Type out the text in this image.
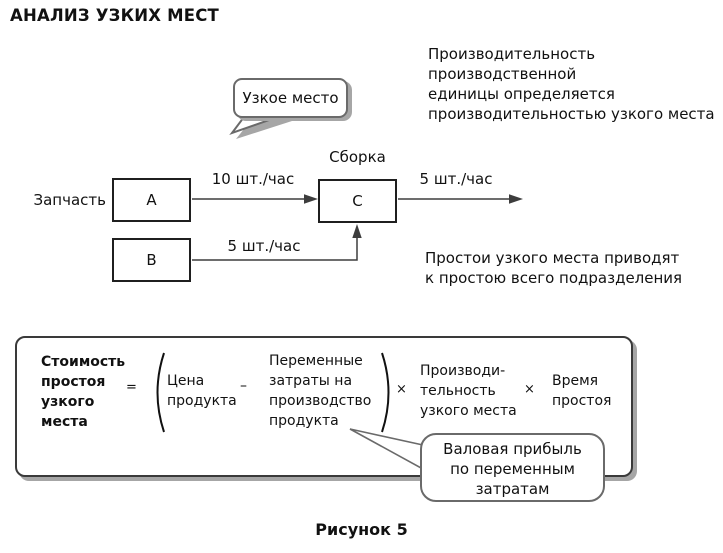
АНАЛИЗ УЗКИХ МЕСТ
Узкое место
Производительность
производственной
единицы определяется
производительностью узкого места
Простои узкого места приводят
к простою всего подразделения
Сборка
Запчасть	A
B
C
10 шт./час	5 шт./час
5 шт./час
Стоимость
простоя
узкого
места
= Цена
продукта
–
Переменные
затраты на
производство
продукта
×
Производи-
тельность
узкого места
×
Время
простоя
Валовая прибыль
по переменным
затратам
Рисунок 5
